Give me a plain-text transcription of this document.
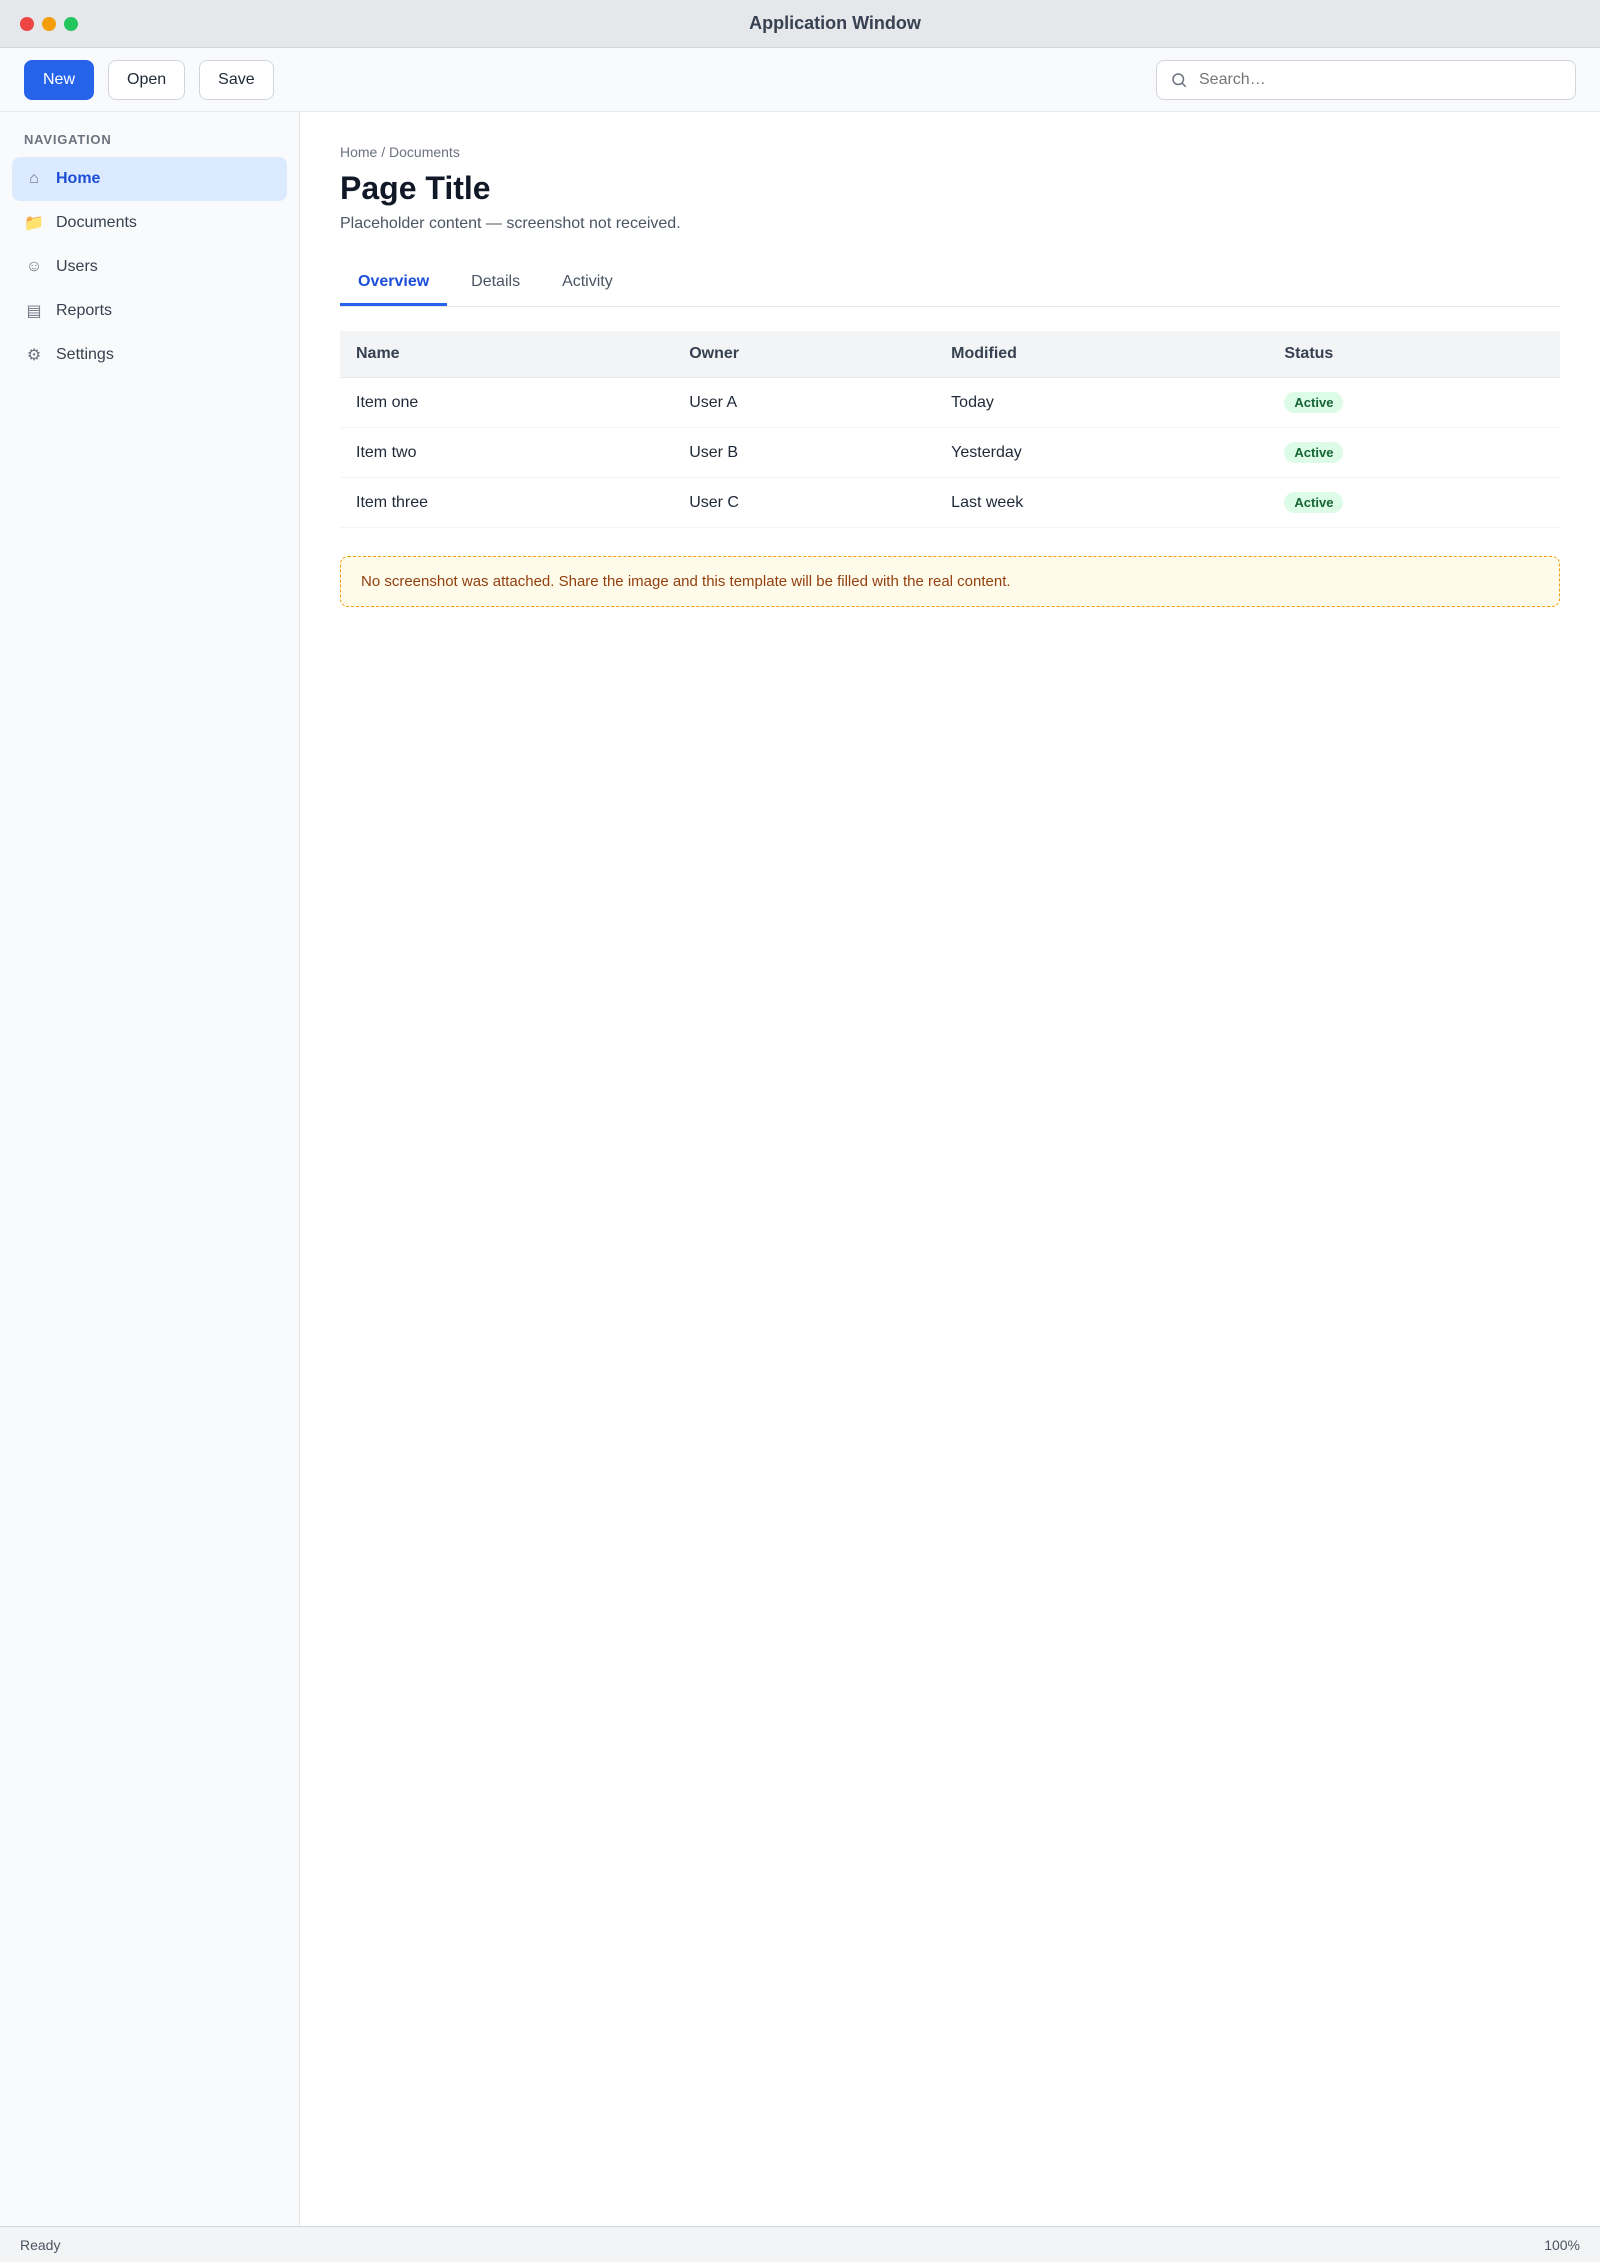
Application Window
New	Open	Save
Search…
NAVIGATION
⌂	Home
📁 Documents
☺ Users
▤ Reports
⚙ Settings
Home / Documents
Page Title

Placeholder content — screenshot not received.

Overview	Details	Activity
Name	Owner	Modified	Status
Item one	User A	Today	Active
Item two	User B	Yesterday	Active
Item three	User C	Last week	Active
No screenshot was attached. Share the image and this template will be filled with the real content.
Ready	100%
